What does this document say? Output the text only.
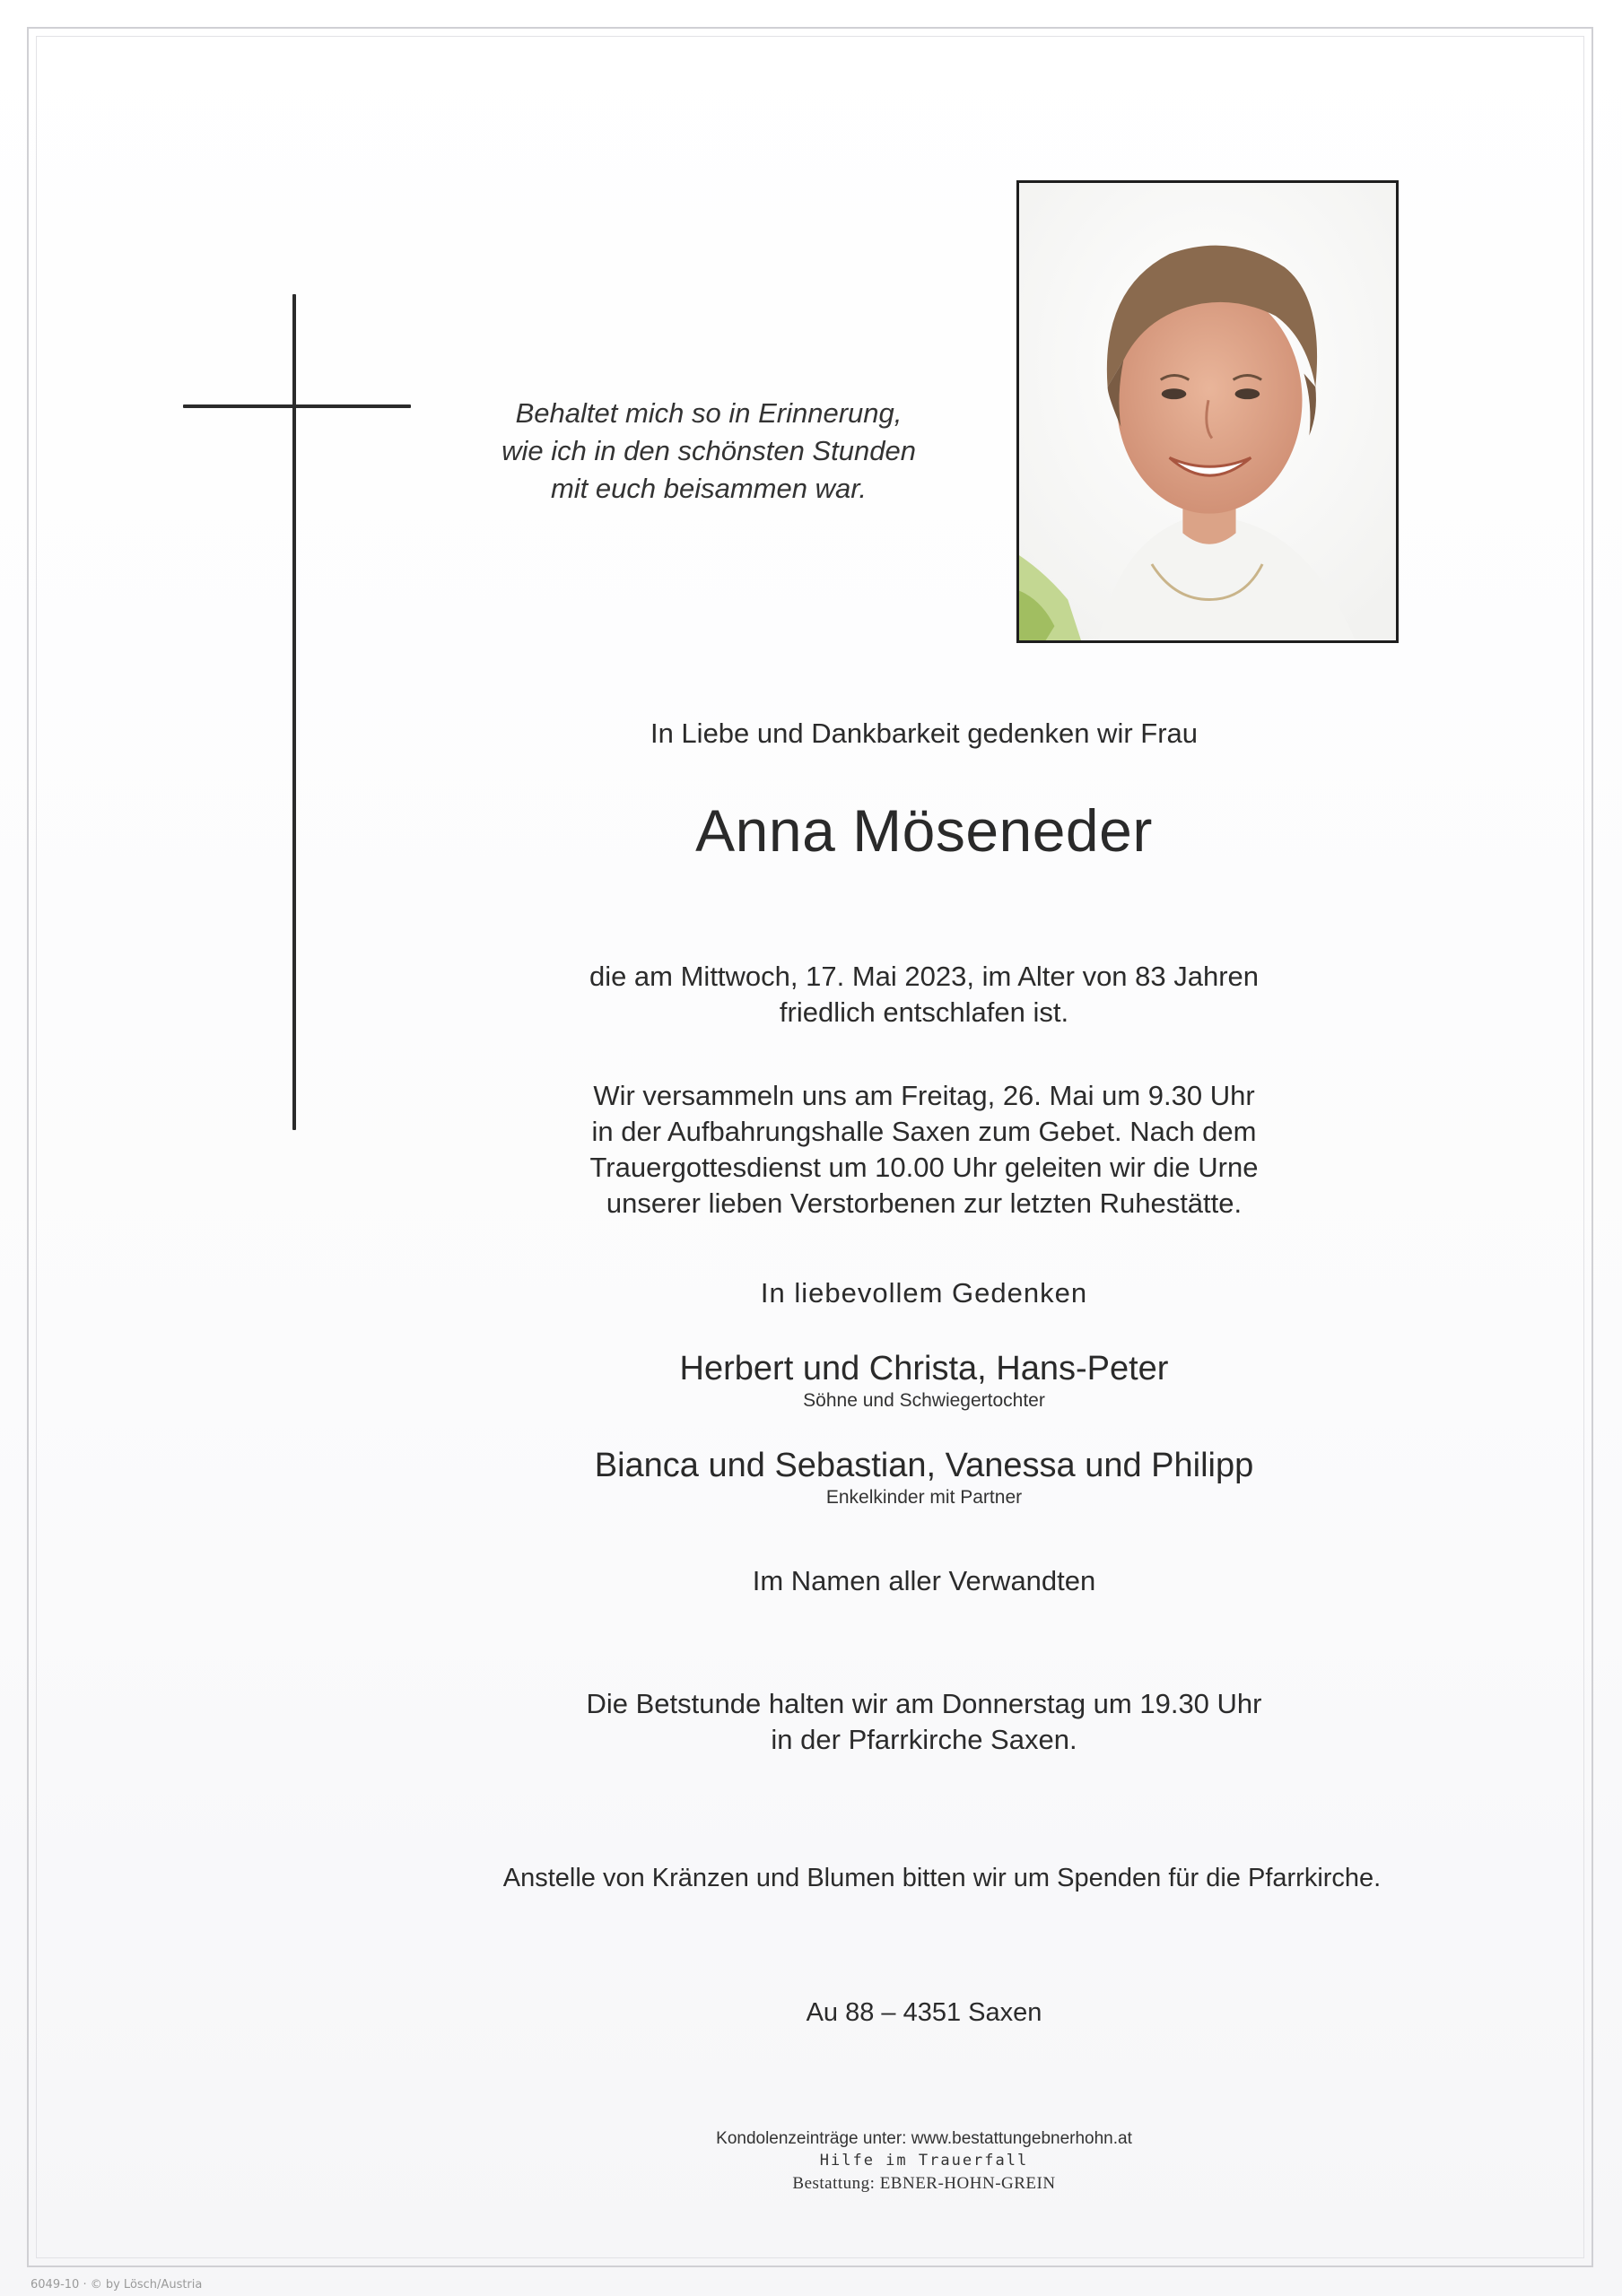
Behaltet mich so in Erinnerung,
wie ich in den schönsten Stunden
mit euch beisammen war.
In Liebe und Dankbarkeit gedenken wir Frau
Anna Möseneder
die am Mittwoch, 17. Mai 2023, im Alter von 83 Jahren
friedlich entschlafen ist.
Wir versammeln uns am Freitag, 26. Mai um 9.30 Uhr
in der Aufbahrungshalle Saxen zum Gebet. Nach dem
Trauergottesdienst um 10.00 Uhr geleiten wir die Urne
unserer lieben Verstorbenen zur letzten Ruhestätte.
In liebevollem Gedenken
Herbert und Christa, Hans-Peter
Söhne und Schwiegertochter
Bianca und Sebastian, Vanessa und Philipp
Enkelkinder mit Partner
Im Namen aller Verwandten
Die Betstunde halten wir am Donnerstag um 19.30 Uhr
in der Pfarrkirche Saxen.
Anstelle von Kränzen und Blumen bitten wir um Spenden für die Pfarrkirche.
Au 88 – 4351 Saxen
Kondolenzeinträge unter: www.bestattungebnerhohn.at
Hilfe im Trauerfall
Bestattung: EBNER-HOHN-GREIN
6049-10 · © by Lösch/Austria
